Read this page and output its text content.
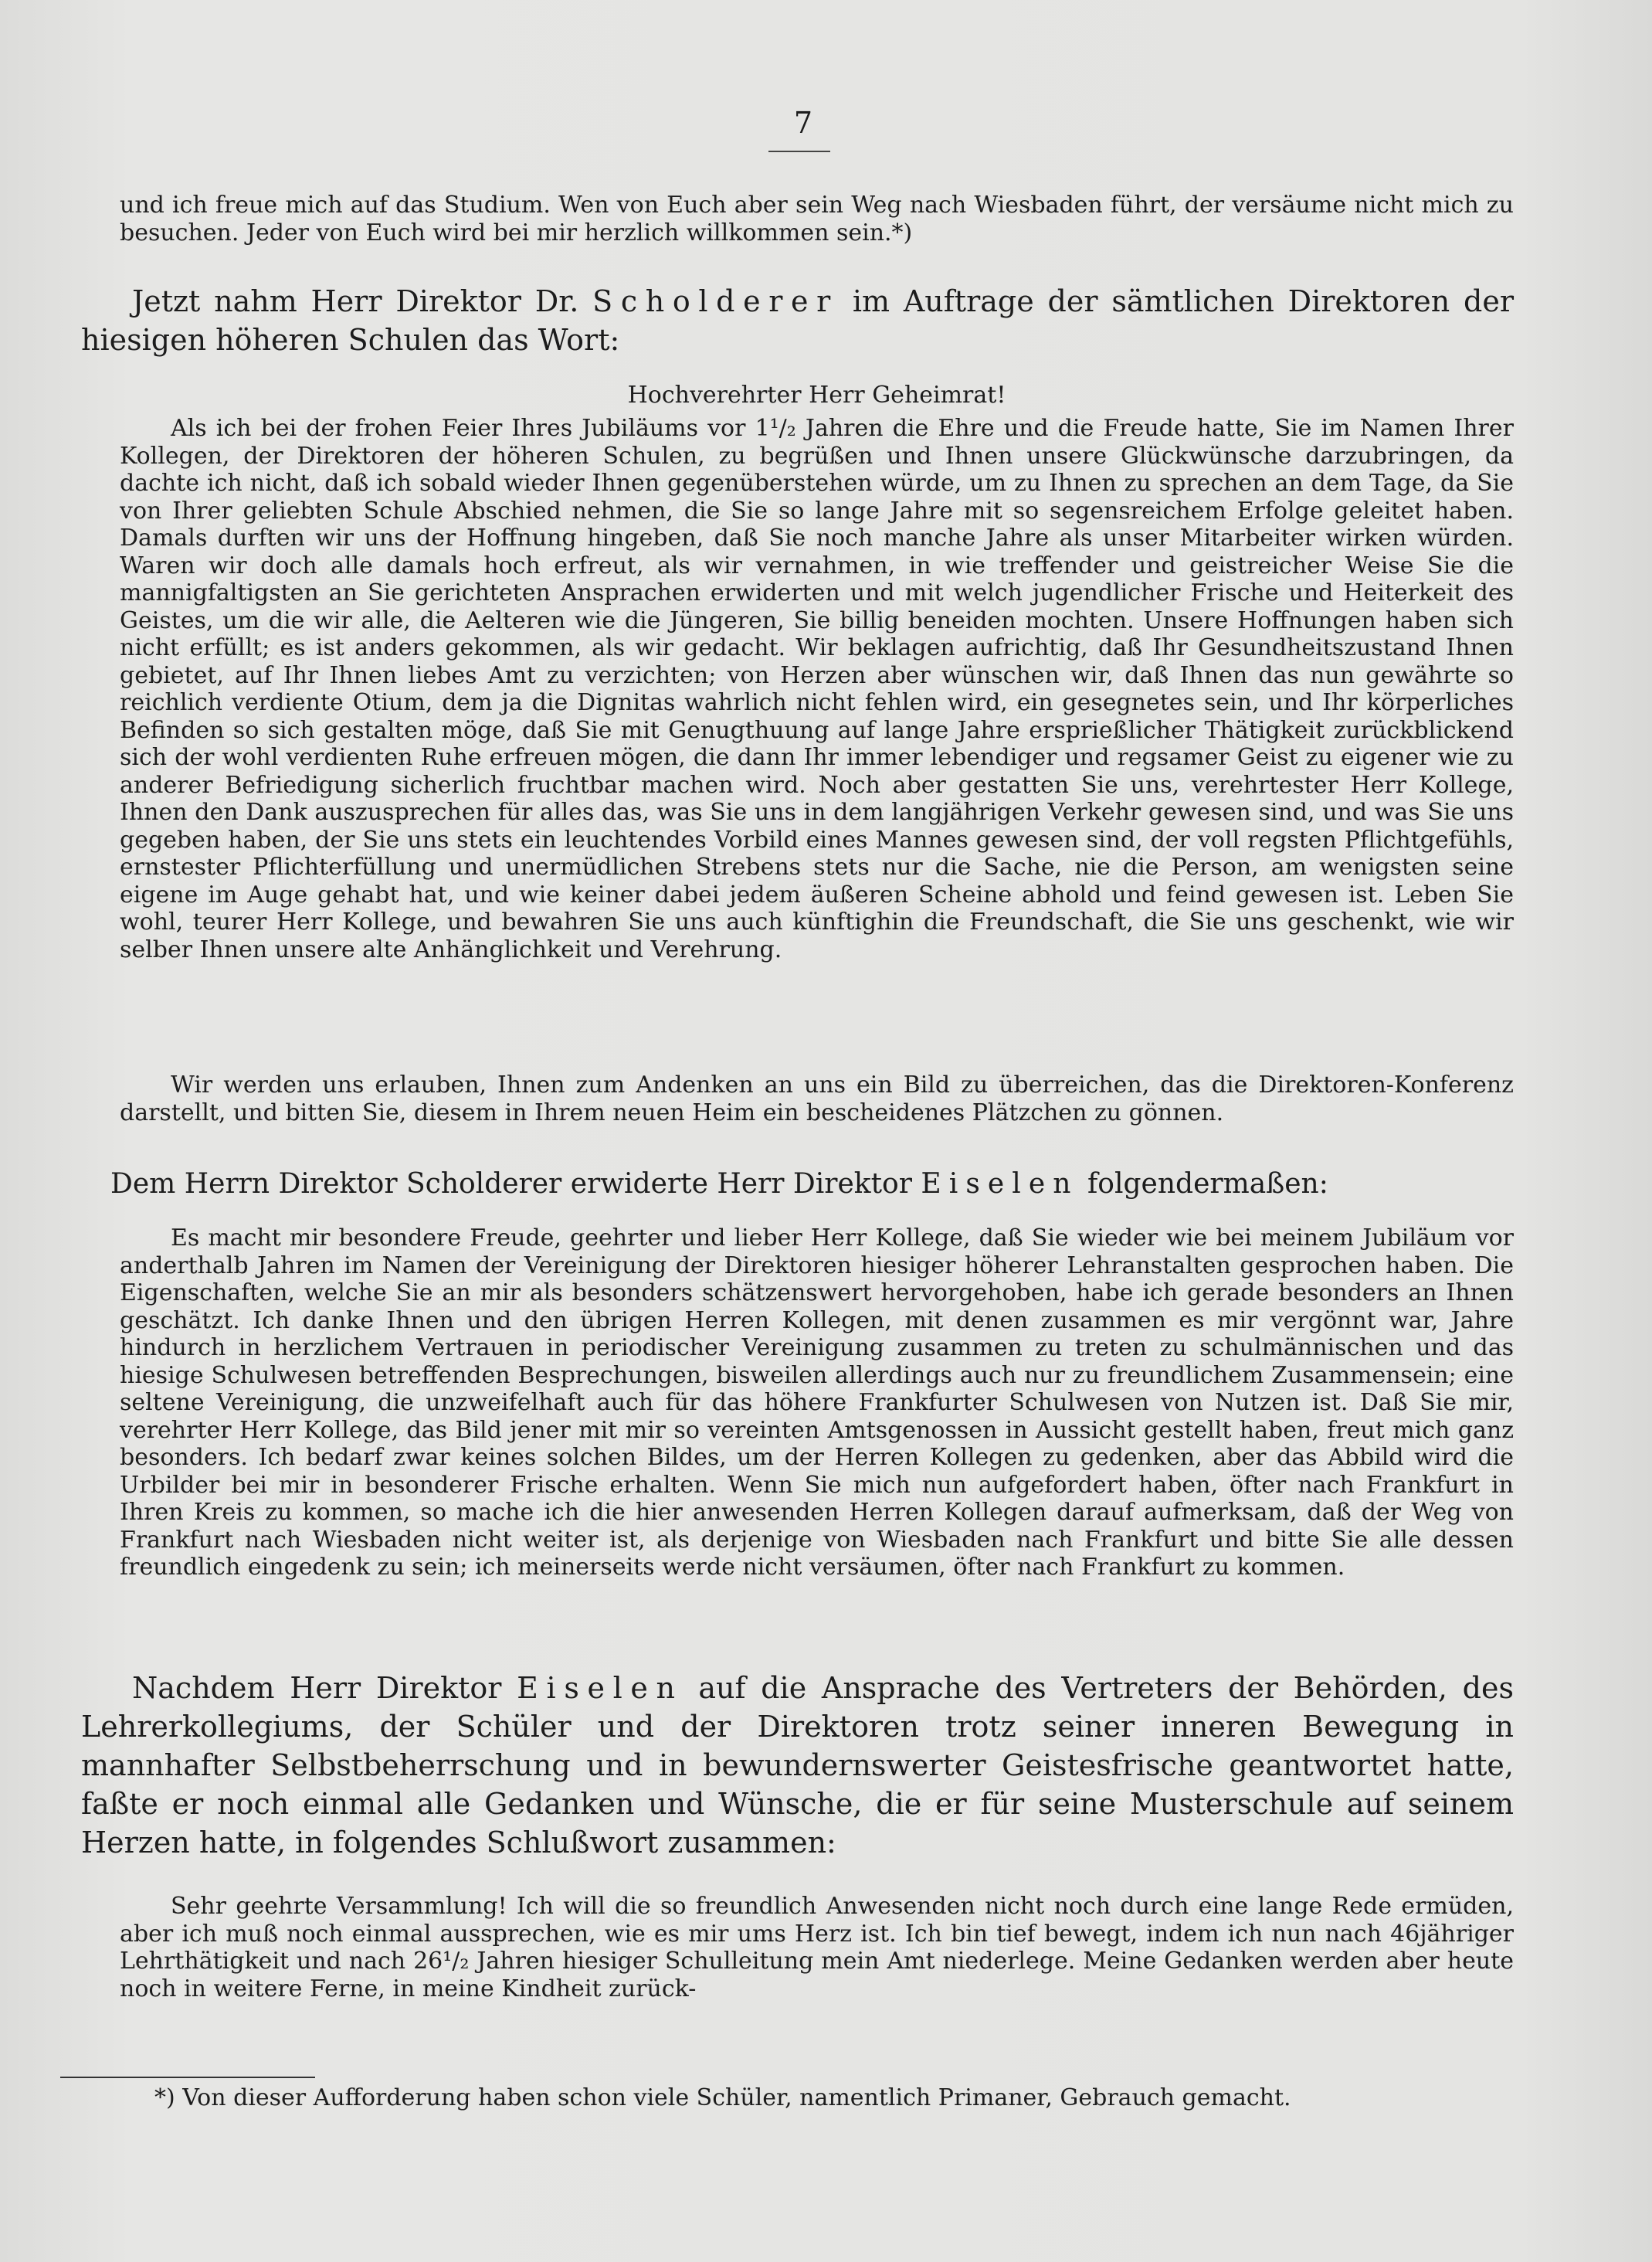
7

und ich freue mich auf das Studium. Wen von Euch aber sein Weg nach Wiesbaden führt, der versäume nicht mich zu besuchen. Jeder von Euch wird bei mir herzlich willkommen sein.*)

Jetzt nahm Herr Direktor Dr. Scholderer im Auftrage der sämtlichen Direktoren der hiesigen höheren Schulen das Wort:

Hochverehrter Herr Geheimrat!

Als ich bei der frohen Feier Ihres Jubiläums vor 1¹/₂ Jahren die Ehre und die Freude hatte, Sie im Namen Ihrer Kollegen, der Direktoren der höheren Schulen, zu begrüßen und Ihnen unsere Glückwünsche darzubringen, da dachte ich nicht, daß ich sobald wieder Ihnen gegenüberstehen würde, um zu Ihnen zu sprechen an dem Tage, da Sie von Ihrer geliebten Schule Abschied nehmen, die Sie so lange Jahre mit so segensreichem Erfolge geleitet haben. Damals durften wir uns der Hoffnung hingeben, daß Sie noch manche Jahre als unser Mitarbeiter wirken würden. Waren wir doch alle damals hoch erfreut, als wir vernahmen, in wie treffender und geistreicher Weise Sie die mannigfaltigsten an Sie gerichteten Ansprachen erwiderten und mit welch jugendlicher Frische und Heiterkeit des Geistes, um die wir alle, die Aelteren wie die Jüngeren, Sie billig beneiden mochten. Unsere Hoffnungen haben sich nicht erfüllt; es ist anders gekommen, als wir gedacht. Wir beklagen aufrichtig, daß Ihr Gesundheitszustand Ihnen gebietet, auf Ihr Ihnen liebes Amt zu verzichten; von Herzen aber wünschen wir, daß Ihnen das nun gewährte so reichlich verdiente Otium, dem ja die Dignitas wahrlich nicht fehlen wird, ein gesegnetes sein, und Ihr körperliches Befinden so sich gestalten möge, daß Sie mit Genugthuung auf lange Jahre ersprießlicher Thätigkeit zurückblickend sich der wohl verdienten Ruhe erfreuen mögen, die dann Ihr immer lebendiger und regsamer Geist zu eigener wie zu anderer Befriedigung sicherlich fruchtbar machen wird. Noch aber gestatten Sie uns, verehrtester Herr Kollege, Ihnen den Dank auszusprechen für alles das, was Sie uns in dem langjährigen Verkehr gewesen sind, und was Sie uns gegeben haben, der Sie uns stets ein leuchtendes Vorbild eines Mannes gewesen sind, der voll regsten Pflichtgefühls, ernstester Pflichterfüllung und unermüdlichen Strebens stets nur die Sache, nie die Person, am wenigsten seine eigene im Auge gehabt hat, und wie keiner dabei jedem äußeren Scheine abhold und feind gewesen ist. Leben Sie wohl, teurer Herr Kollege, und bewahren Sie uns auch künftighin die Freundschaft, die Sie uns geschenkt, wie wir selber Ihnen unsere alte Anhänglichkeit und Verehrung.

Wir werden uns erlauben, Ihnen zum Andenken an uns ein Bild zu überreichen, das die Direktoren-Konferenz darstellt, und bitten Sie, diesem in Ihrem neuen Heim ein bescheidenes Plätzchen zu gönnen.

Dem Herrn Direktor Scholderer erwiderte Herr Direktor Eiselen folgendermaßen:

Es macht mir besondere Freude, geehrter und lieber Herr Kollege, daß Sie wieder wie bei meinem Jubiläum vor anderthalb Jahren im Namen der Vereinigung der Direktoren hiesiger höherer Lehranstalten gesprochen haben. Die Eigenschaften, welche Sie an mir als besonders schätzenswert hervorgehoben, habe ich gerade besonders an Ihnen geschätzt. Ich danke Ihnen und den übrigen Herren Kollegen, mit denen zusammen es mir vergönnt war, Jahre hindurch in herzlichem Vertrauen in periodischer Vereinigung zusammen zu treten zu schulmännischen und das hiesige Schulwesen betreffenden Besprechungen, bisweilen allerdings auch nur zu freundlichem Zusammensein; eine seltene Vereinigung, die unzweifelhaft auch für das höhere Frankfurter Schulwesen von Nutzen ist. Daß Sie mir, verehrter Herr Kollege, das Bild jener mit mir so vereinten Amtsgenossen in Aussicht gestellt haben, freut mich ganz besonders. Ich bedarf zwar keines solchen Bildes, um der Herren Kollegen zu gedenken, aber das Abbild wird die Urbilder bei mir in besonderer Frische erhalten. Wenn Sie mich nun aufgefordert haben, öfter nach Frankfurt in Ihren Kreis zu kommen, so mache ich die hier anwesenden Herren Kollegen darauf aufmerksam, daß der Weg von Frankfurt nach Wiesbaden nicht weiter ist, als derjenige von Wiesbaden nach Frankfurt und bitte Sie alle dessen freundlich eingedenk zu sein; ich meinerseits werde nicht versäumen, öfter nach Frankfurt zu kommen.

Nachdem Herr Direktor Eiselen auf die Ansprache des Vertreters der Behörden, des Lehrerkollegiums, der Schüler und der Direktoren trotz seiner inneren Bewegung in mannhafter Selbstbeherrschung und in bewundernswerter Geistesfrische geantwortet hatte, faßte er noch einmal alle Gedanken und Wünsche, die er für seine Musterschule auf seinem Herzen hatte, in folgendes Schlußwort zusammen:

Sehr geehrte Versammlung! Ich will die so freundlich Anwesenden nicht noch durch eine lange Rede ermüden, aber ich muß noch einmal aussprechen, wie es mir ums Herz ist. Ich bin tief bewegt, indem ich nun nach 46jähriger Lehrthätigkeit und nach 26¹/₂ Jahren hiesiger Schulleitung mein Amt niederlege. Meine Gedanken werden aber heute noch in weitere Ferne, in meine Kindheit zurück-

*) Von dieser Aufforderung haben schon viele Schüler, namentlich Primaner, Gebrauch gemacht.
